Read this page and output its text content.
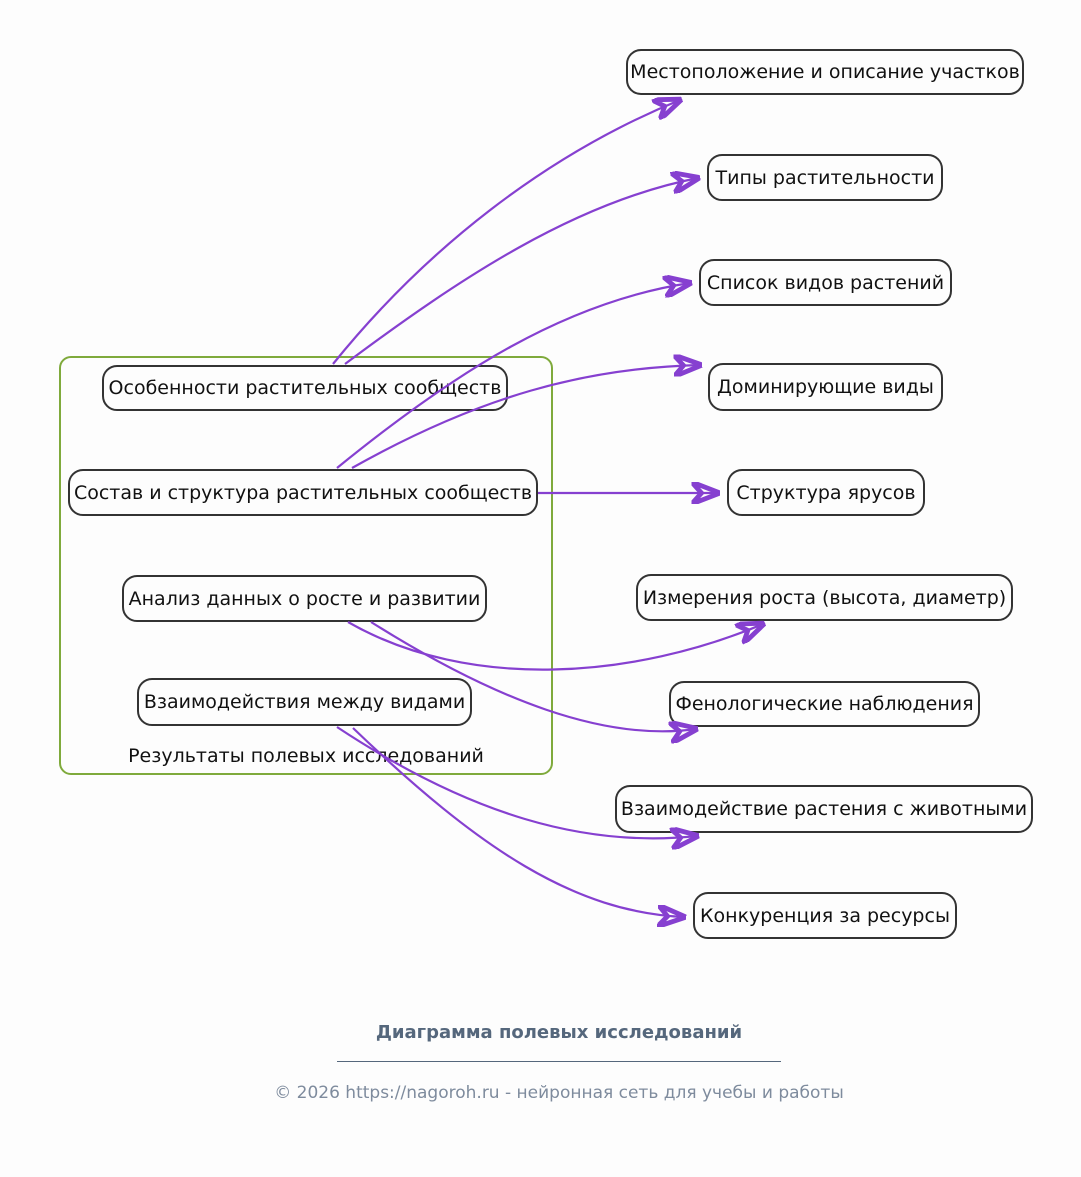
Результаты полевых исследований
Особенности растительных сообществ
Состав и структура растительных сообществ
Анализ данных о росте и развитии
Взаимодействия между видами
Местоположение и описание участков
Типы растительности
Список видов растений
Доминирующие виды
Структура ярусов
Измерения роста (высота, диаметр)
Фенологические наблюдения
Взаимодействие растения с животными
Конкуренция за ресурсы
Диаграмма полевых исследований
© 2026 https://nagoroh.ru - нейронная сеть для учебы и работы
